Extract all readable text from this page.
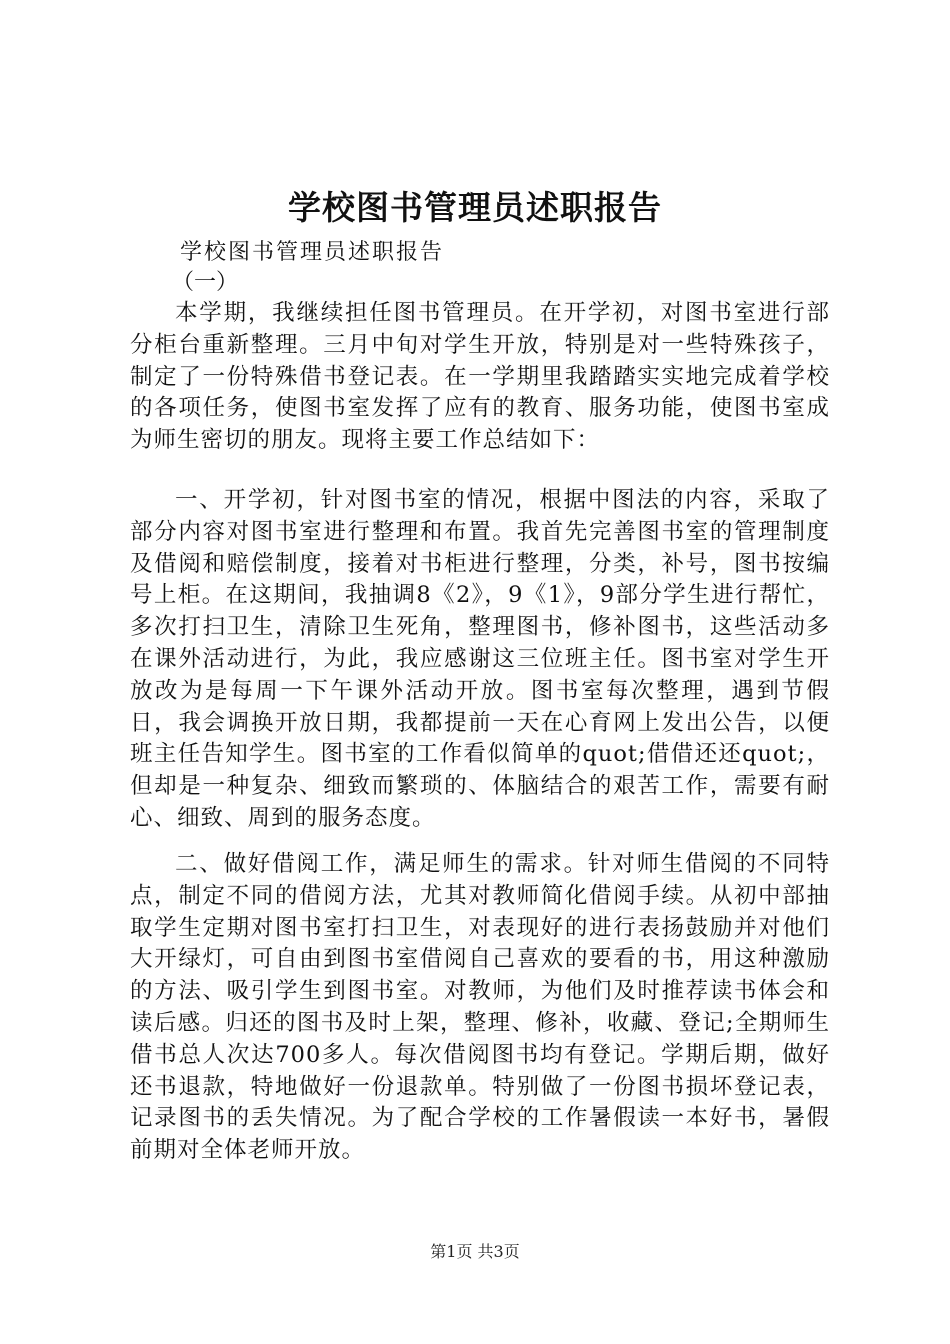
学校图书管理员述职报告
学校图书管理员述职报告
（一）

本学期，我继续担任图书管理员。在开学初，对图书室进行部分柜台重新整理。三月中旬对学生开放，特别是对一些特殊孩子，制定了一份特殊借书登记表。在一学期里我踏踏实实地完成着学校的各项任务，使图书室发挥了应有的教育、服务功能，使图书室成为师生密切的朋友。现将主要工作总结如下：

一、开学初，针对图书室的情况，根据中图法的内容，采取了部分内容对图书室进行整理和布置。我首先完善图书室的管理制度及借阅和赔偿制度，接着对书柜进行整理，分类，补号，图书按编号上柜。在这期间，我抽调8《2》，9《1》，9部分学生进行帮忙，多次打扫卫生，清除卫生死角，整理图书，修补图书，这些活动多在课外活动进行，为此，我应感谢这三位班主任。图书室对学生开放改为是每周一下午课外活动开放。图书室每次整理，遇到节假日，我会调换开放日期，我都提前一天在心育网上发出公告，以便班主任告知学生。图书室的工作看似简单的quot;借借还还quot;，但却是一种复杂、细致而繁琐的、体脑结合的艰苦工作，需要有耐心、细致、周到的服务态度。

二、做好借阅工作，满足师生的需求。针对师生借阅的不同特点，制定不同的借阅方法，尤其对教师简化借阅手续。从初中部抽取学生定期对图书室打扫卫生，对表现好的进行表扬鼓励并对他们大开绿灯，可自由到图书室借阅自己喜欢的要看的书，用这种激励的方法、吸引学生到图书室。对教师，为他们及时推荐读书体会和读后感。归还的图书及时上架，整理、修补，收藏、登记;全期师生借书总人次达700多人。每次借阅图书均有登记。学期后期，做好还书退款，特地做好一份退款单。特别做了一份图书损坏登记表，记录图书的丢失情况。为了配合学校的工作暑假读一本好书，暑假前期对全体老师开放。

第1页 共3页
